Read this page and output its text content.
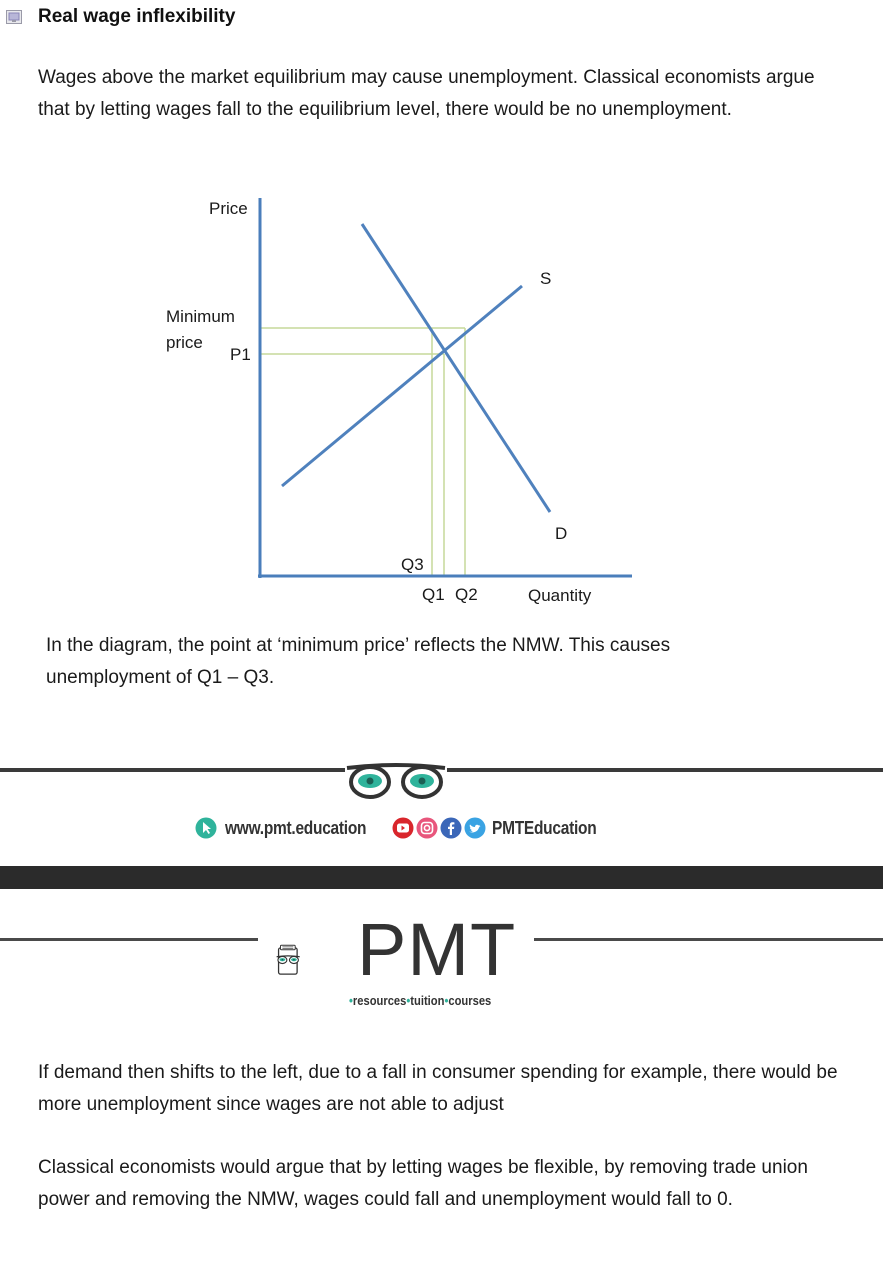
Real wage inflexibility
Wages above the market equilibrium may cause unemployment. Classical economists argue that by letting wages fall to the equilibrium level, there would be no unemployment.
Price
Minimum
price
P1
S
D
Q3
Q1 Q2	Quantity
In the diagram, the point at ‘minimum price’ reflects the NMW. This causes unemployment of Q1 – Q3.
www.pmt.education	PMTEducation
PMT
•resources•tuition•courses
If demand then shifts to the left, due to a fall in consumer spending for example, there would be more unemployment since wages are not able to adjust
Classical economists would argue that by letting wages be flexible, by removing trade union power and removing the NMW, wages could fall and unemployment would fall to 0.
